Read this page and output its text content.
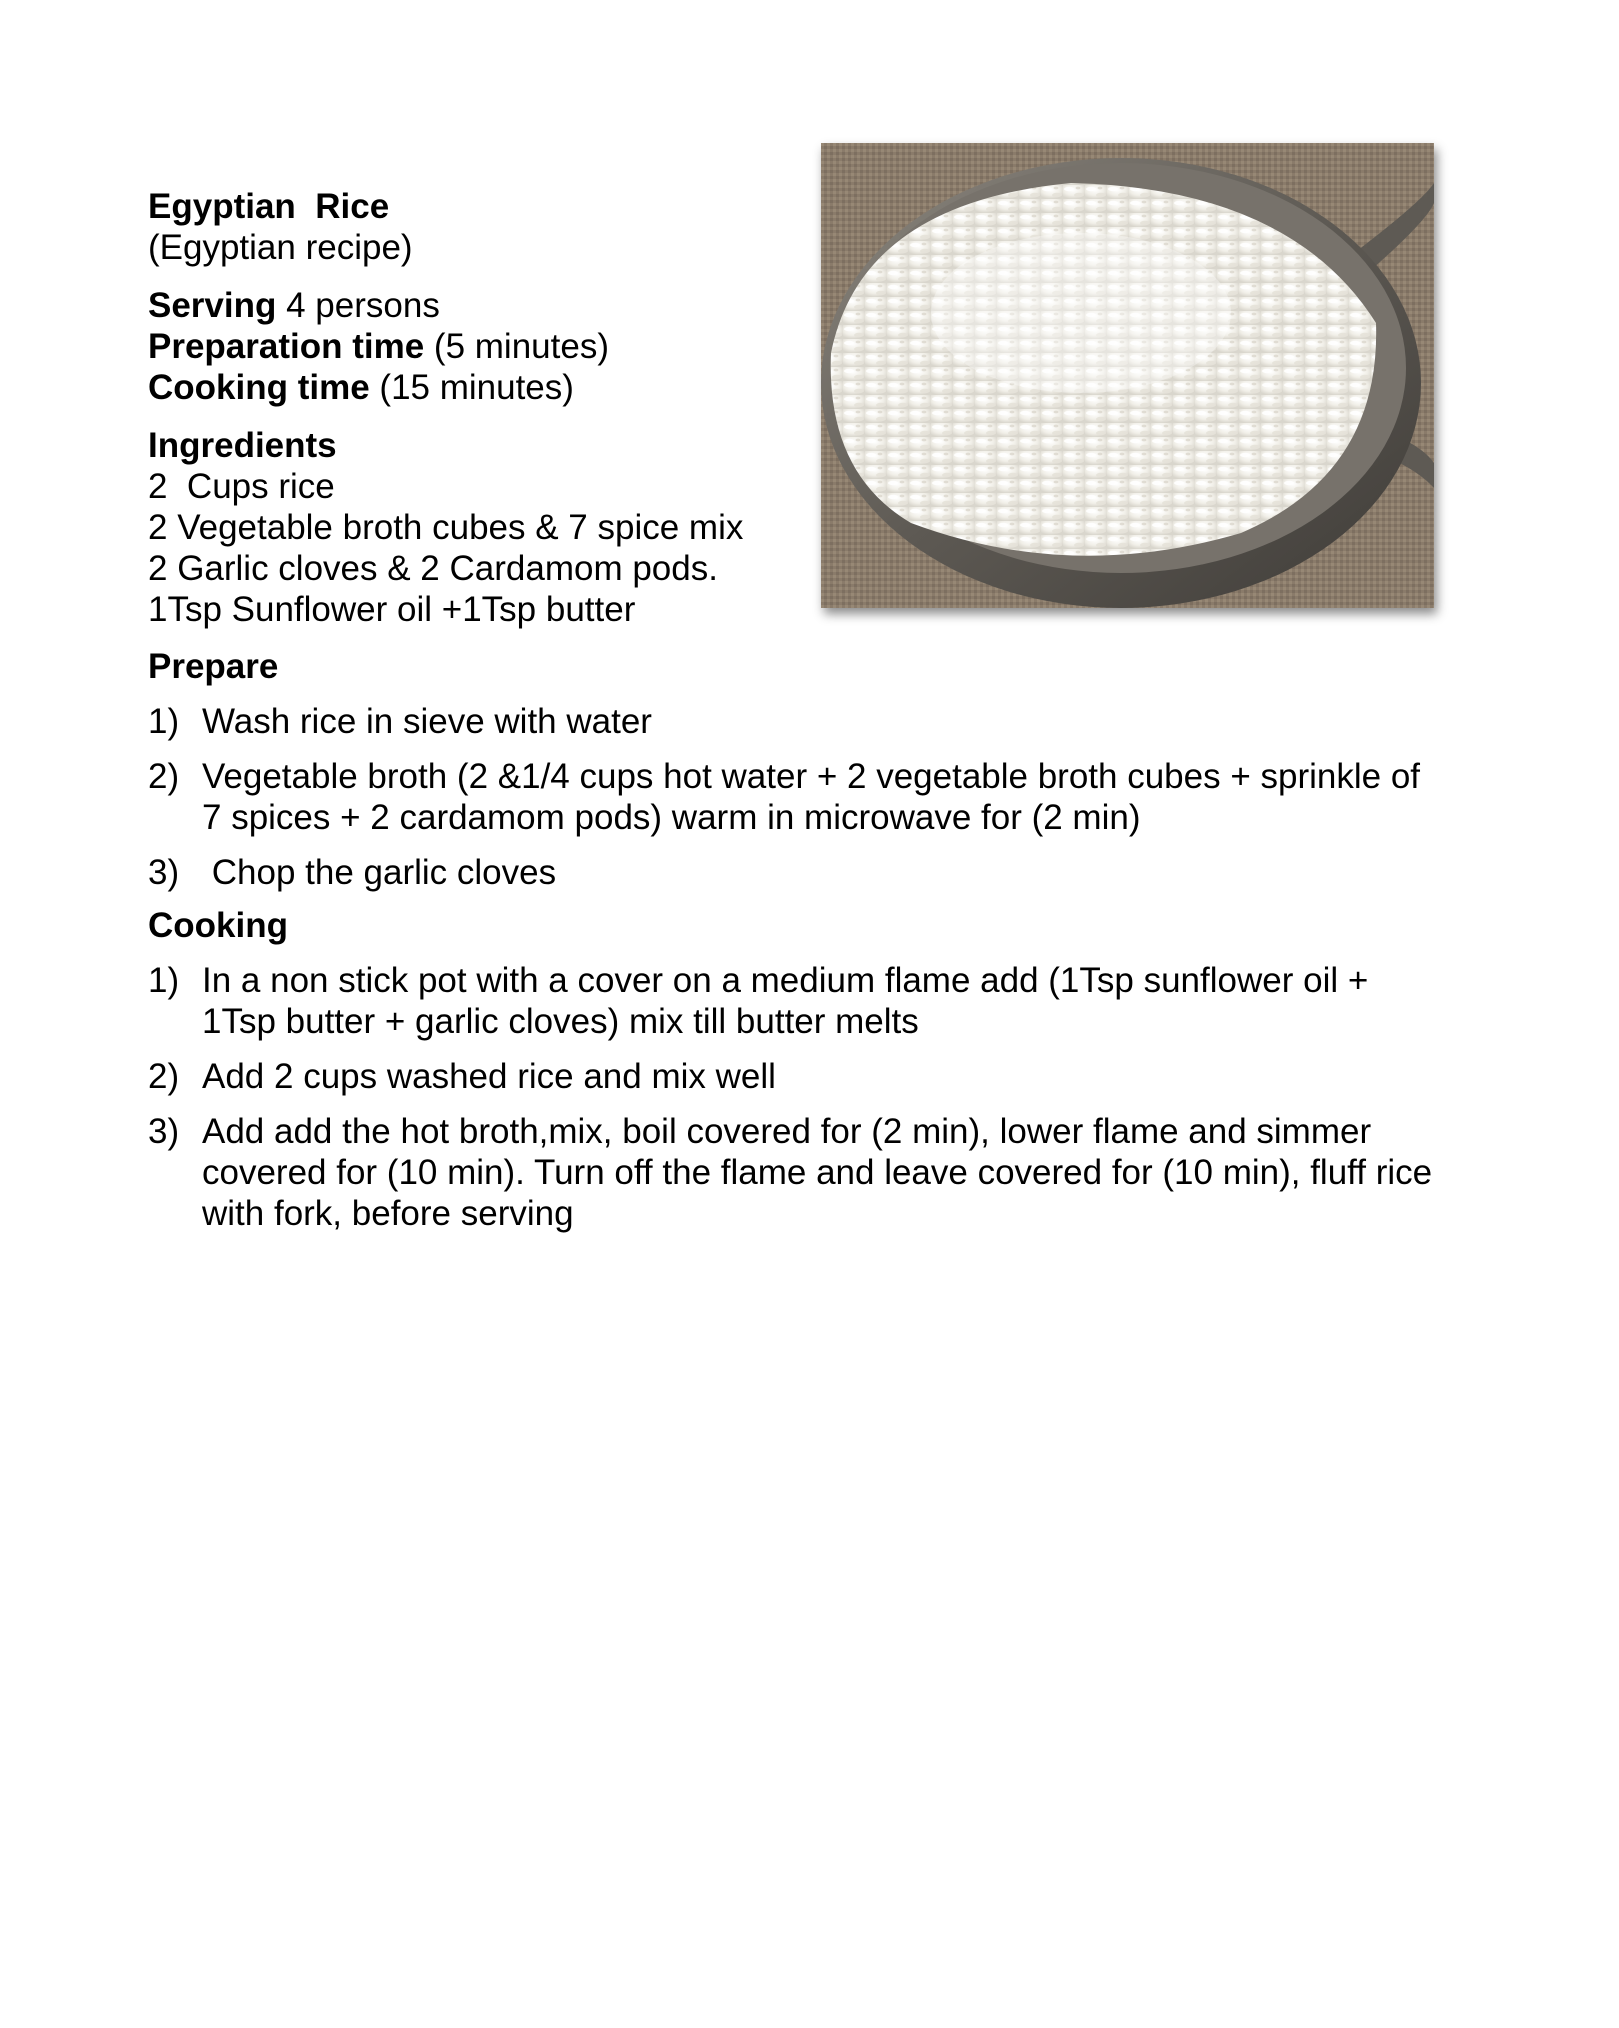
Egyptian  Rice
(Egyptian recipe)
Serving 4 persons
Preparation time (5 minutes)
Cooking time (15 minutes)
Ingredients
2  Cups rice
2 Vegetable broth cubes & 7 spice mix
2 Garlic cloves & 2 Cardamom pods.
1Tsp Sunflower oil +1Tsp butter
Prepare
1) Wash rice in sieve with water
2) Vegetable broth (2 &1/4 cups hot water + 2 vegetable broth cubes + sprinkle of 7 spices + 2 cardamom pods) warm in microwave for (2 min)
3) Chop the garlic cloves
Cooking
1) In a non stick pot with a cover on a medium flame add (1Tsp sunflower oil + 1Tsp butter + garlic cloves) mix till butter melts
2) Add 2 cups washed rice and mix well
3) Add add the hot broth,mix, boil covered for (2 min), lower flame and simmer covered for (10 min). Turn off the flame and leave covered for (10 min), fluff rice with fork, before serving
